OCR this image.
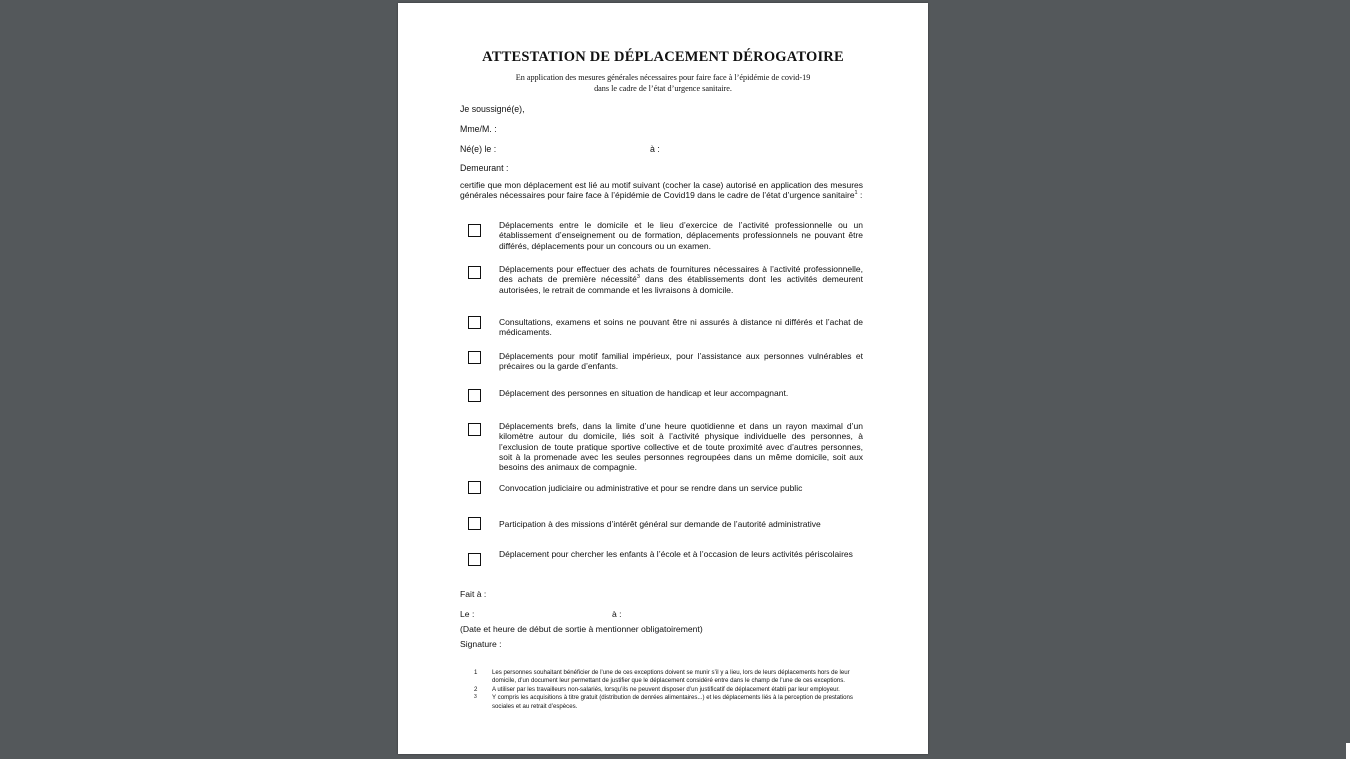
ATTESTATION DE DÉPLACEMENT DÉROGATOIRE
En application des mesures générales nécessaires pour faire face à l’épidémie de covid-19
dans le cadre de l’état d’urgence sanitaire.
Je soussigné(e),
Mme/M. :
Né(e) le :	à :
Demeurant :
certifie que mon déplacement est lié au motif suivant (cocher la case) autorisé en application des mesures générales nécessaires pour faire face à l’épidémie de Covid19 dans le cadre de l’état d’urgence sanitaire$^1$ :
Déplacements entre le domicile et le lieu d’exercice de l’activité professionnelle ou un établissement d’enseignement ou de formation, déplacements professionnels ne pouvant être différés, déplacements pour un concours ou un examen.
Déplacements pour effectuer des achats de fournitures nécessaires à l’activité professionnelle, des achats de première nécessité$^3$ dans des établissements dont les activités demeurent autorisées, le retrait de commande et les livraisons à domicile.
Consultations, examens et soins ne pouvant être ni assurés à distance ni différés et l’achat de médicaments.
Déplacements pour motif familial impérieux, pour l’assistance aux personnes vulnérables et précaires ou la garde d’enfants.
Déplacement des personnes en situation de handicap et leur accompagnant.
Déplacements brefs, dans la limite d’une heure quotidienne et dans un rayon maximal d’un kilomètre autour du domicile, liés soit à l’activité physique individuelle des personnes, à l’exclusion de toute pratique sportive collective et de toute proximité avec d’autres personnes, soit à la promenade avec les seules personnes regroupées dans un même domicile, soit aux besoins des animaux de compagnie.
Convocation judiciaire ou administrative et pour se rendre dans un service public
Participation à des missions d’intérêt général sur demande de l’autorité administrative
Déplacement pour chercher les enfants à l’école et à l’occasion de leurs activités périscolaires
Fait à :
Le :	à :
(Date et heure de début de sortie à mentionner obligatoirement)
Signature :
1 Les personnes souhaitant bénéficier de l’une de ces exceptions doivent se munir s’il y a lieu, lors de leurs déplacements hors de leur domicile, d’un document leur permettant de justifier que le déplacement considéré entre dans le champ de l’une de ces exceptions.
2 A utiliser par les travailleurs non-salariés, lorsqu’ils ne peuvent disposer d’un justificatif de déplacement établi par leur employeur.
3 Y compris les acquisitions à titre gratuit (distribution de denrées alimentaires...) et les déplacements liés à la perception de prestations sociales et au retrait d’espèces.
